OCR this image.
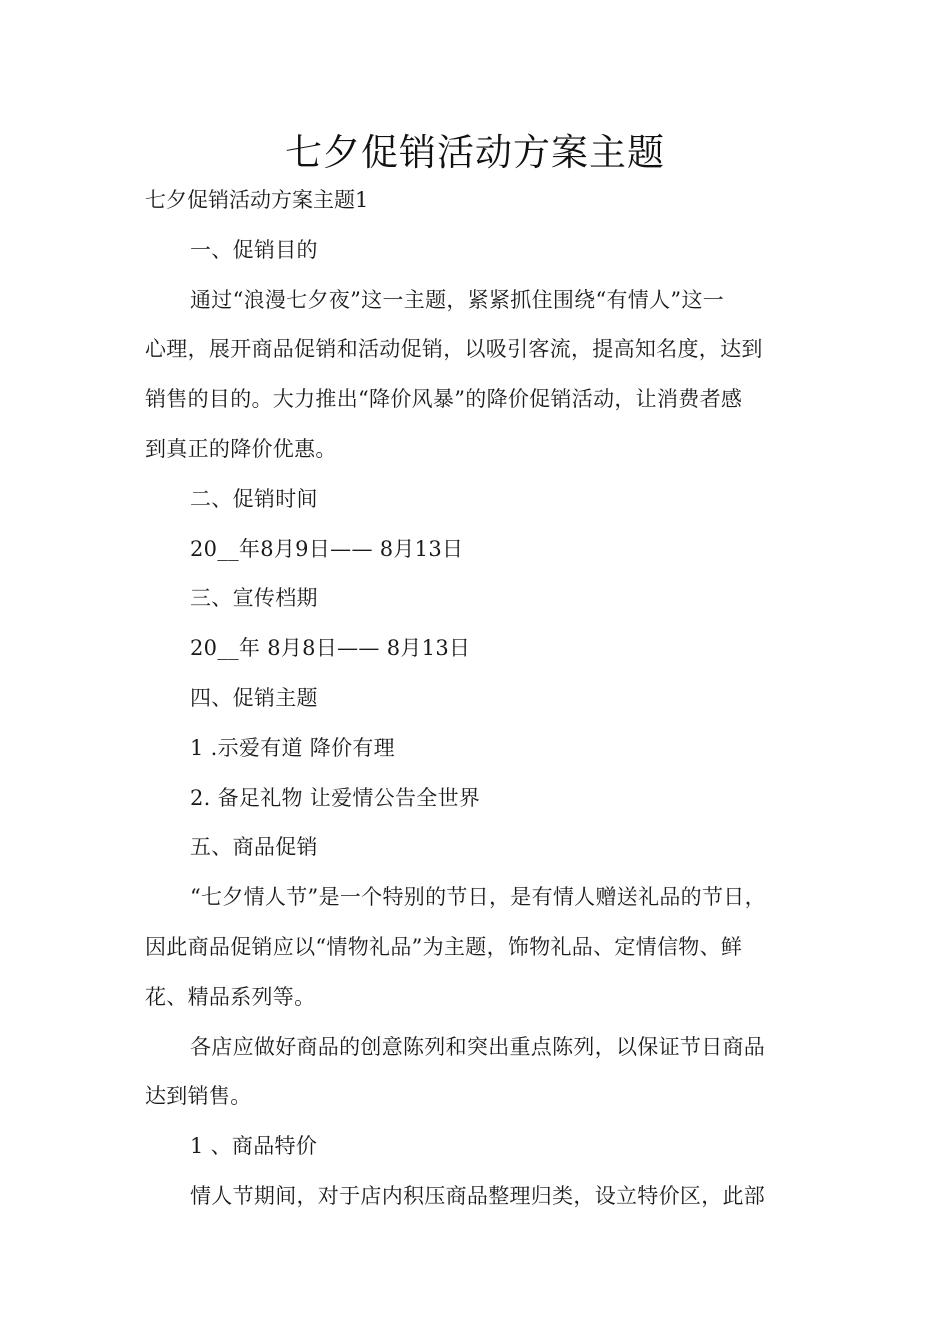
七夕促销活动方案主题
七夕促销活动方案主题1
一、促销目的
通过“浪漫七夕夜”这一主题，紧紧抓住围绕“有情人”这一
心理，展开商品促销和活动促销，以吸引客流，提高知名度，达到
销售的目的。大力推出“降价风暴”的降价促销活动，让消费者感
到真正的降价优惠。
二、促销时间
20__年8月9日—— 8月13日
三、宣传档期
20__年 8月8日—— 8月13日
四、促销主题
1 .示爱有道 降价有理
2. 备足礼物 让爱情公告全世界
五、商品促销
“七夕情人节”是一个特别的节日，是有情人赠送礼品的节日，
因此商品促销应以“情物礼品”为主题，饰物礼品、定情信物、鲜
花、精品系列等。
各店应做好商品的创意陈列和突出重点陈列，以保证节日商品
达到销售。
1 、商品特价
情人节期间，对于店内积压商品整理归类，设立特价区，此部
